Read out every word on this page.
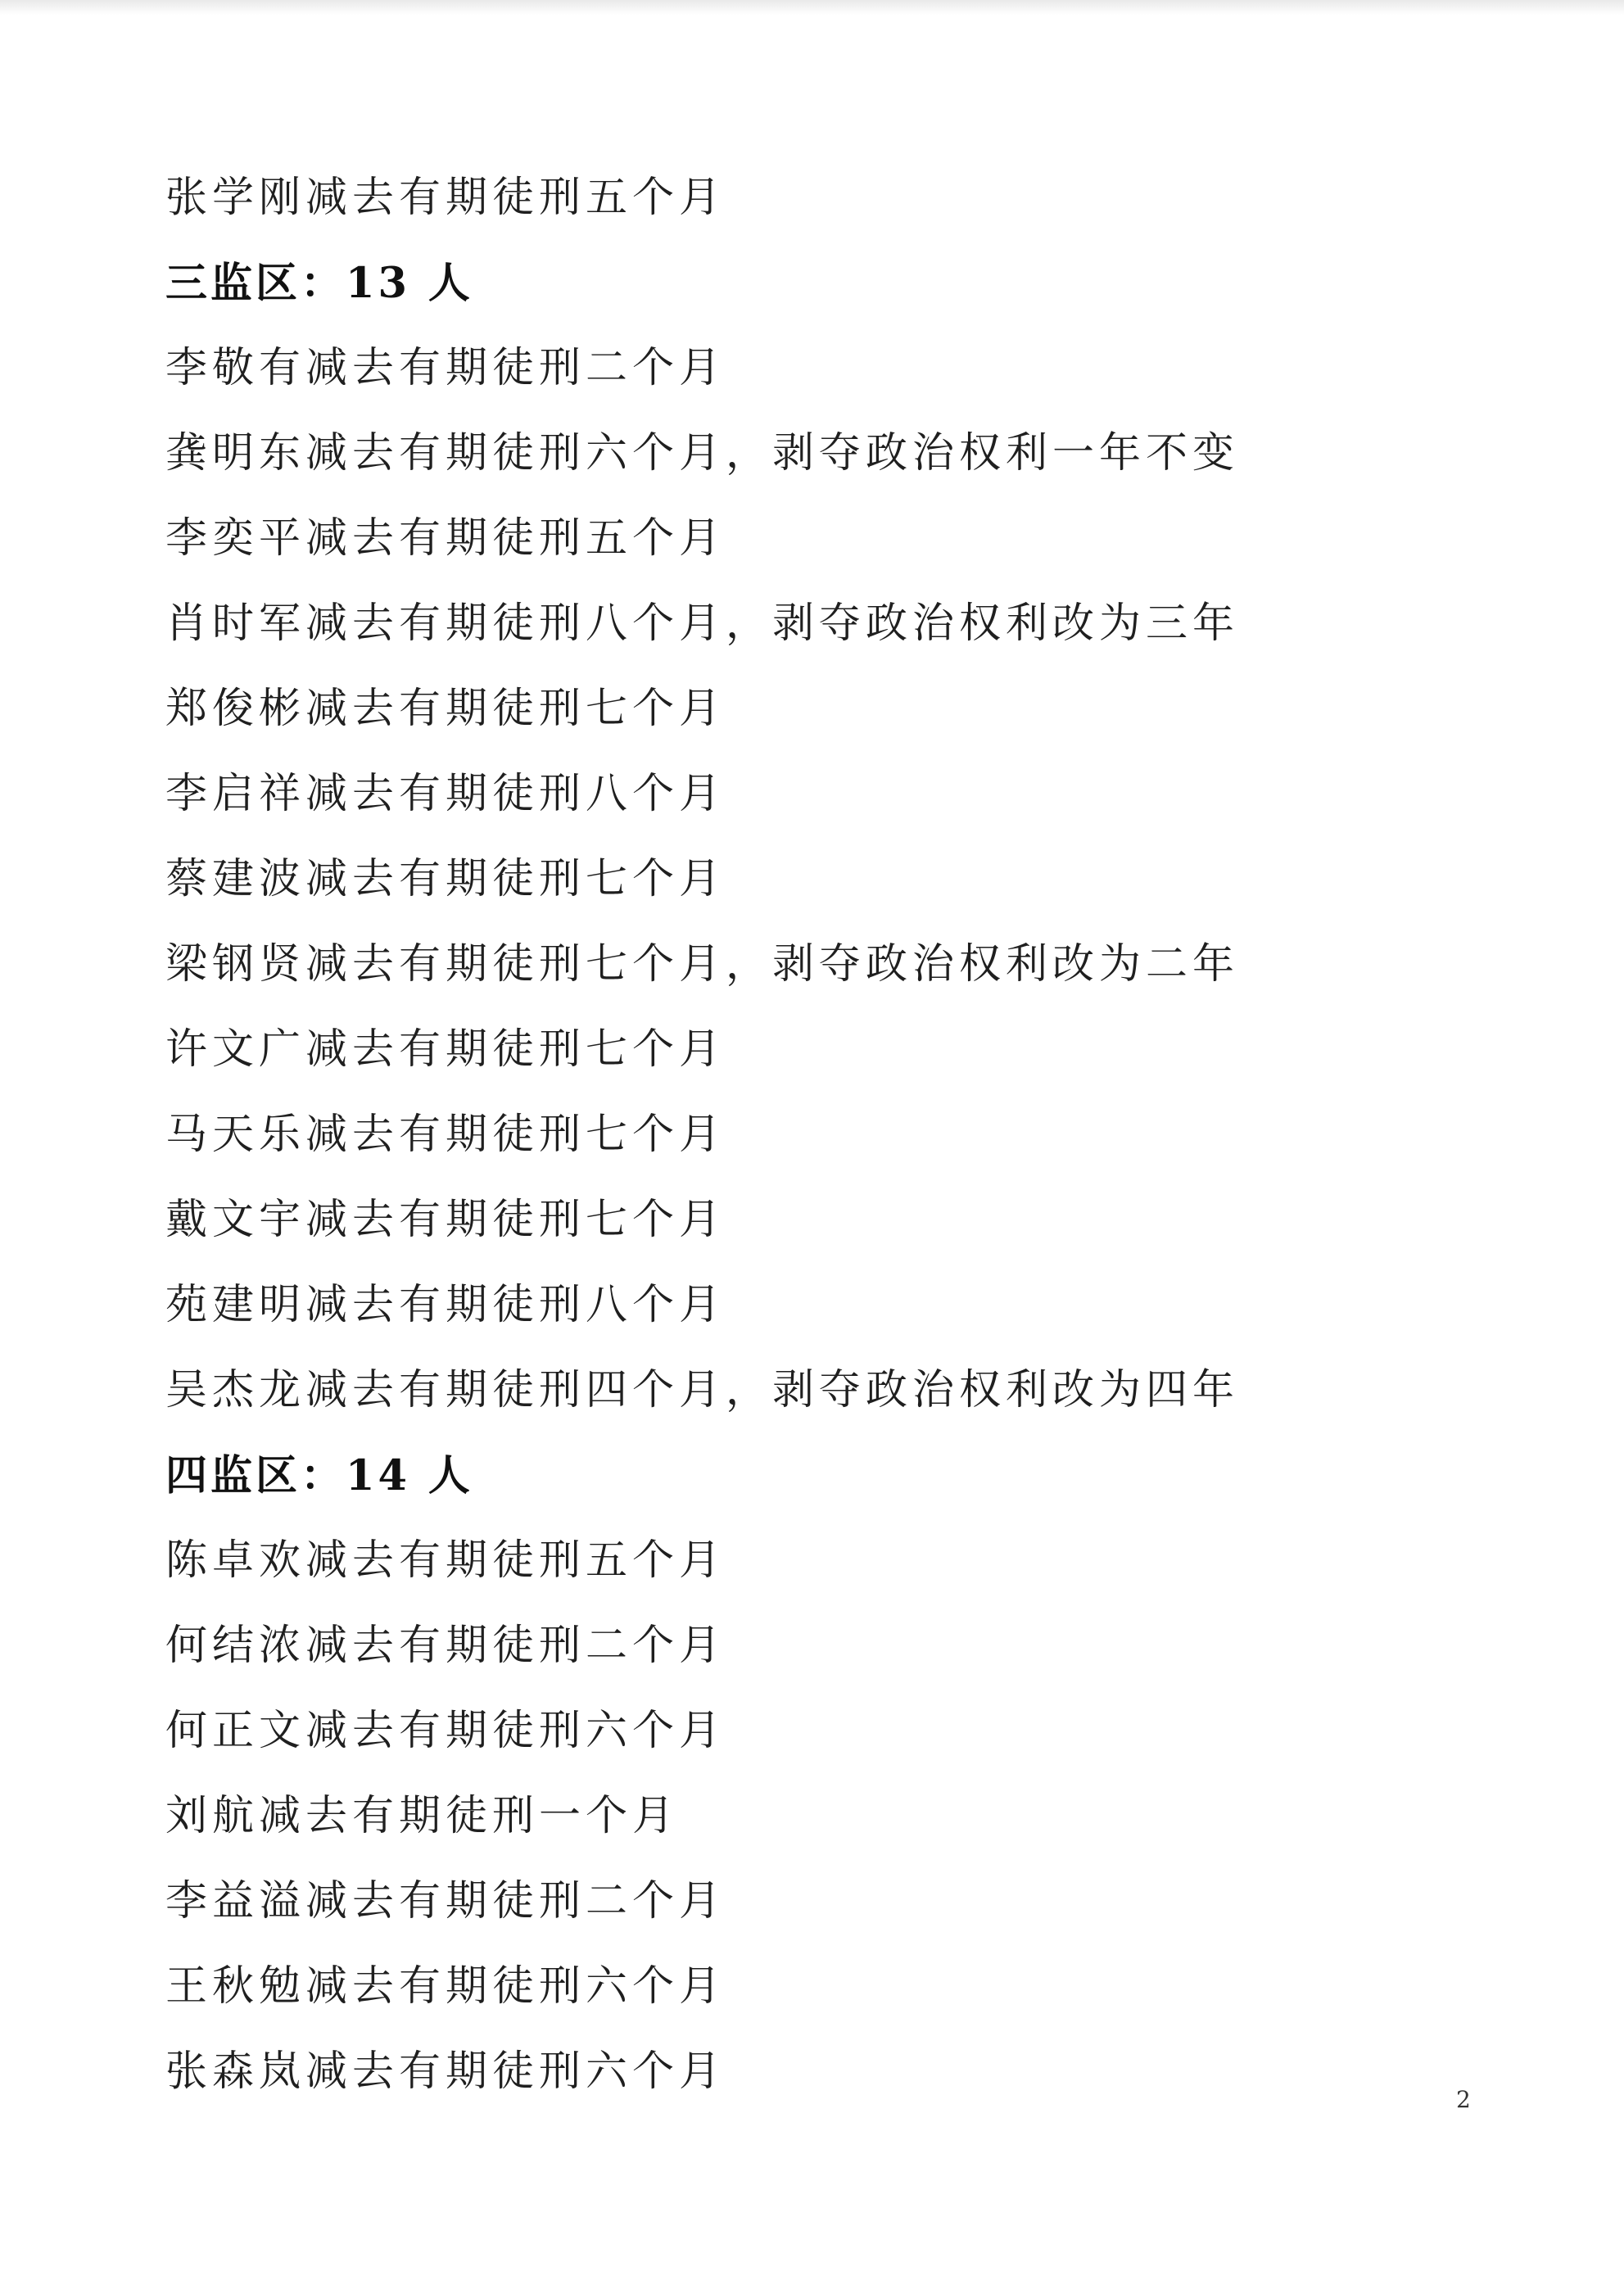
张学刚减去有期徒刑五个月
三监区：13 人
李敬有减去有期徒刑二个月
龚明东减去有期徒刑六个月，剥夺政治权利一年不变
李奕平减去有期徒刑五个月
肖时军减去有期徒刑八个月，剥夺政治权利改为三年
郑俊彬减去有期徒刑七个月
李启祥减去有期徒刑八个月
蔡建波减去有期徒刑七个月
梁钢贤减去有期徒刑七个月，剥夺政治权利改为二年
许文广减去有期徒刑七个月
马天乐减去有期徒刑七个月
戴文宇减去有期徒刑七个月
苑建明减去有期徒刑八个月
吴杰龙减去有期徒刑四个月，剥夺政治权利改为四年
四监区：14 人
陈卓欢减去有期徒刑五个月
何结浓减去有期徒刑二个月
何正文减去有期徒刑六个月
刘航减去有期徒刑一个月
李益溢减去有期徒刑二个月
王秋勉减去有期徒刑六个月
张森岚减去有期徒刑六个月
2
